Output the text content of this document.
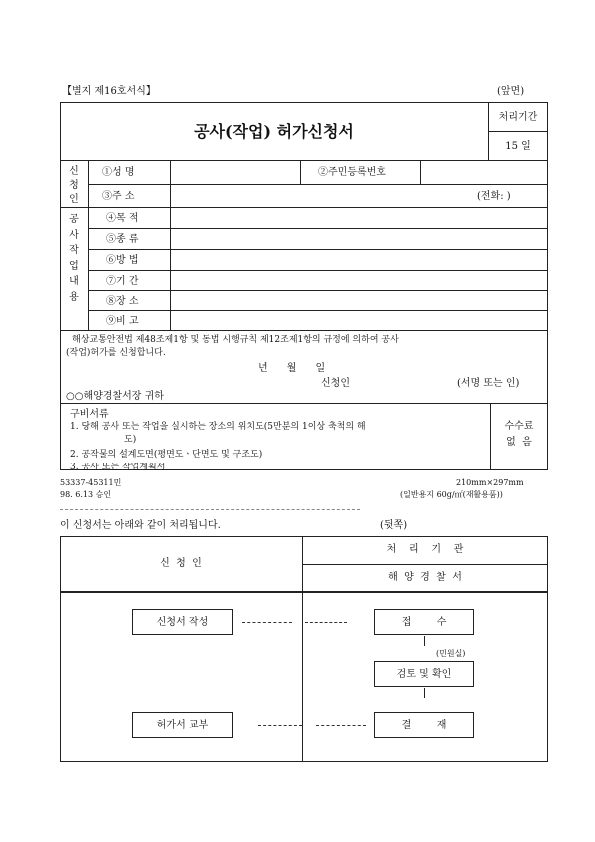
【별지 제16호서식】	(앞면)
공사(작업) 허가신청서
처리기간
15 일
신청인
①성 명	②주민등록번호
③주 소	(전화: )
공사작업내용
④목 적
⑤종 류
⑥방 법
⑦기 간
⑧장 소
⑨비 고
해상교통안전법 제48조제1항 및 동법 시행규칙 제12조제1항의 규정에 의하여 공사
(작업)허가를 신청합니다.
년      월      일
신청인	(서명 또는 인)
○○해양경찰서장 귀하
구비서류
1. 당해 공사 또는 작업을 실시하는 장소의 위치도(5만분의 1이상 축척의 해
도)
2. 공작물의 설계도면(평면도ㆍ단면도 및 구조도)
3. 공사 또는 작업계획서
수수료
없  음
53337-45311민
98. 6.13 승인
210mm×297mm
(일반용지 60g/㎡(재활용품))
이 신청서는 아래와 같이 처리됩니다.	(뒷쪽)
신  청  인
처    리    기    관
해  양  경  찰  서
신청서 작성	접        수
(민원실)
검토 및 확인
허가서 교부	결        재
